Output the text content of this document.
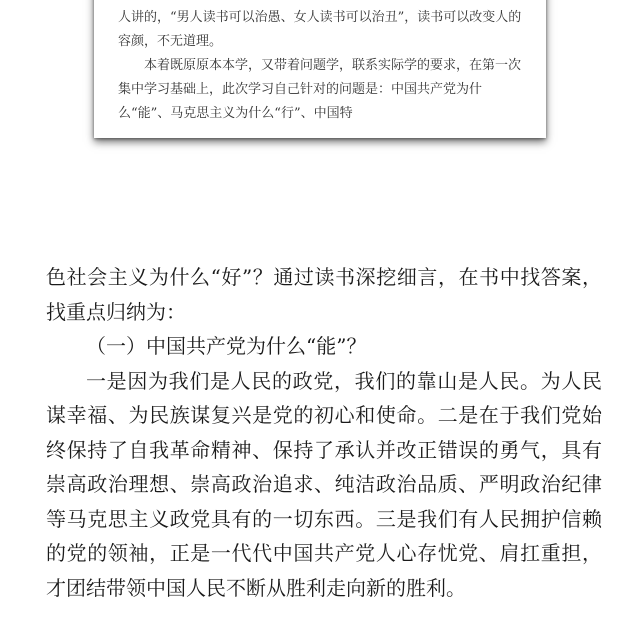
人讲的，“男人读书可以治愚、女人读书可以治丑”，读书可以改变人的容颜，不无道理。

本着既原原本本学，又带着问题学，联系实际学的要求，在第一次集中学习基础上，此次学习自己针对的问题是：中国共产党为什么“能”、马克思主义为什么“行”、中国特

色社会主义为什么“好”？通过读书深挖细言，在书中找答案，找重点归纳为：

（一）中国共产党为什么“能”？

一是因为我们是人民的政党，我们的靠山是人民。为人民谋幸福、为民族谋复兴是党的初心和使命。二是在于我们党始终保持了自我革命精神、保持了承认并改正错误的勇气，具有崇高政治理想、崇高政治追求、纯洁政治品质、严明政治纪律等马克思主义政党具有的一切东西。三是我们有人民拥护信赖的党的领袖，正是一代代中国共产党人心存忧党、肩扛重担，才团结带领中国人民不断从胜利走向新的胜利。
